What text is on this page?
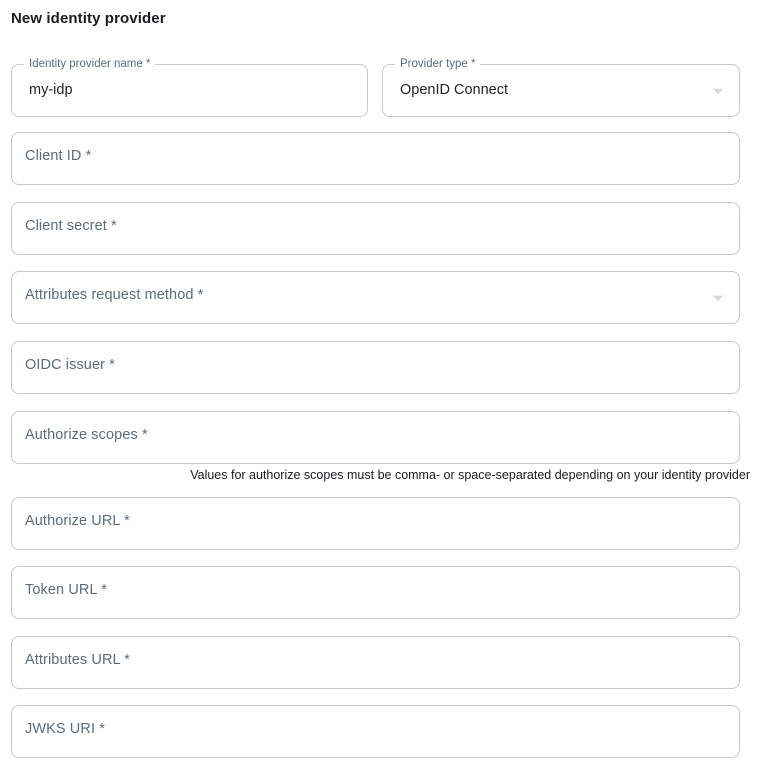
New identity provider
Identity provider name *
my-idp
Provider type *
OpenID Connect
Client ID *
Client secret *
Attributes request method *
OIDC issuer *
Authorize scopes *
Values for authorize scopes must be comma- or space-separated depending on your identity provider
Authorize URL *
Token URL *
Attributes URL *
JWKS URI *
